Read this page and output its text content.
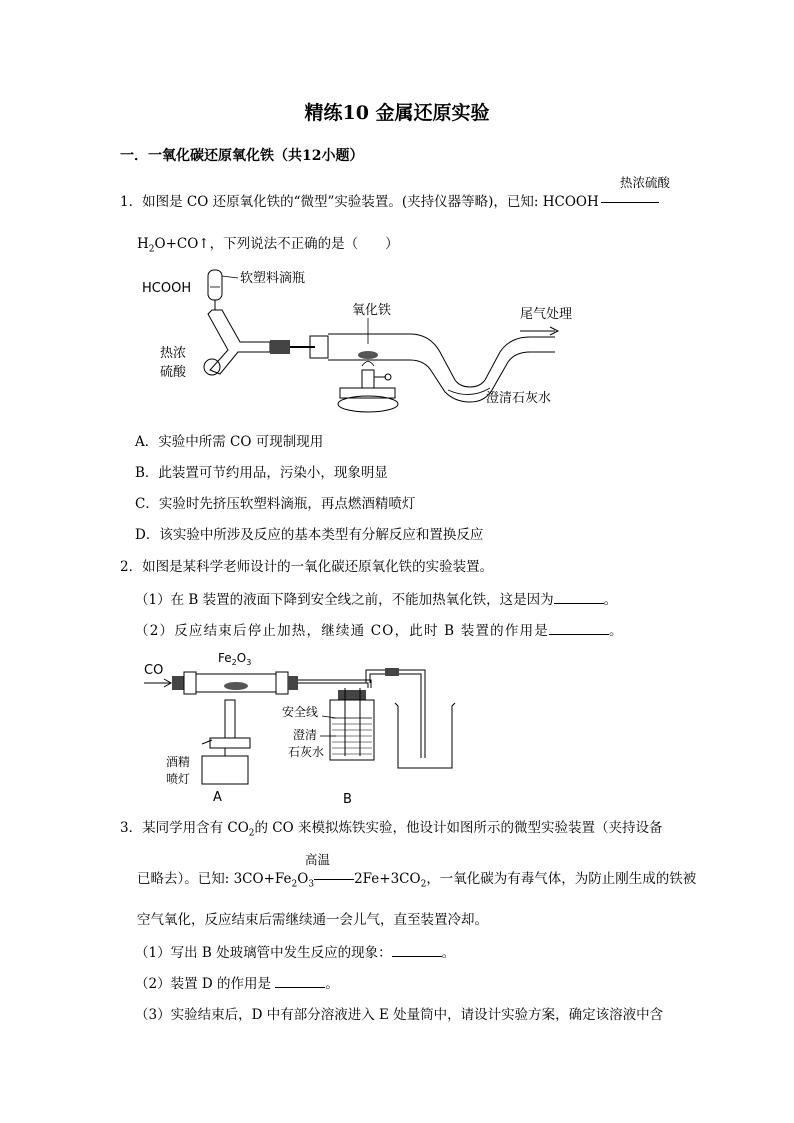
精练10 金属还原实验
一．一氧化碳还原氧化铁（共12小题）
热浓硫酸
1．如图是 CO 还原氧化铁的“微型”实验装置。(夹持仪器等略)，已知: HCOOH
$H_2O+CO↑$，下列说法不正确的是（　　）
HCOOH
软塑料滴瓶
热浓
硫酸
氧化铁	尾气处理
澄清石灰水
A．实验中所需 CO 可现制现用
B．此装置可节约用品，污染小，现象明显
C．实验时先挤压软塑料滴瓶，再点燃酒精喷灯
D．该实验中所涉及反应的基本类型有分解反应和置换反应
2．如图是某科学老师设计的一氧化碳还原氧化铁的实验装置。
（1）在 B 装置的液面下降到安全线之前，不能加热氧化铁，这是因为	。
（2）反应结束后停止加热，继续通 CO，此时 B 装置的作用是	。
CO
$Fe_2O_3$
安全线
澄清
石灰水
酒精
喷灯
A	B
3．某同学用含有 $CO_2$的 CO 来模拟炼铁实验，他设计如图所示的微型实验装置（夹持设备
高温
已略去）。已知: $3CO+Fe_2O_3$	$2Fe+3CO_2$，一氧化碳为有毒气体，为防止刚生成的铁被
空气氧化，反应结束后需继续通一会儿气，直至装置冷却。
（1）写出 B 处玻璃管中发生反应的现象：	。
（2）装置 D 的作用是	。
（3）实验结束后，D 中有部分溶液进入 E 处量筒中，请设计实验方案，确定该溶液中含
